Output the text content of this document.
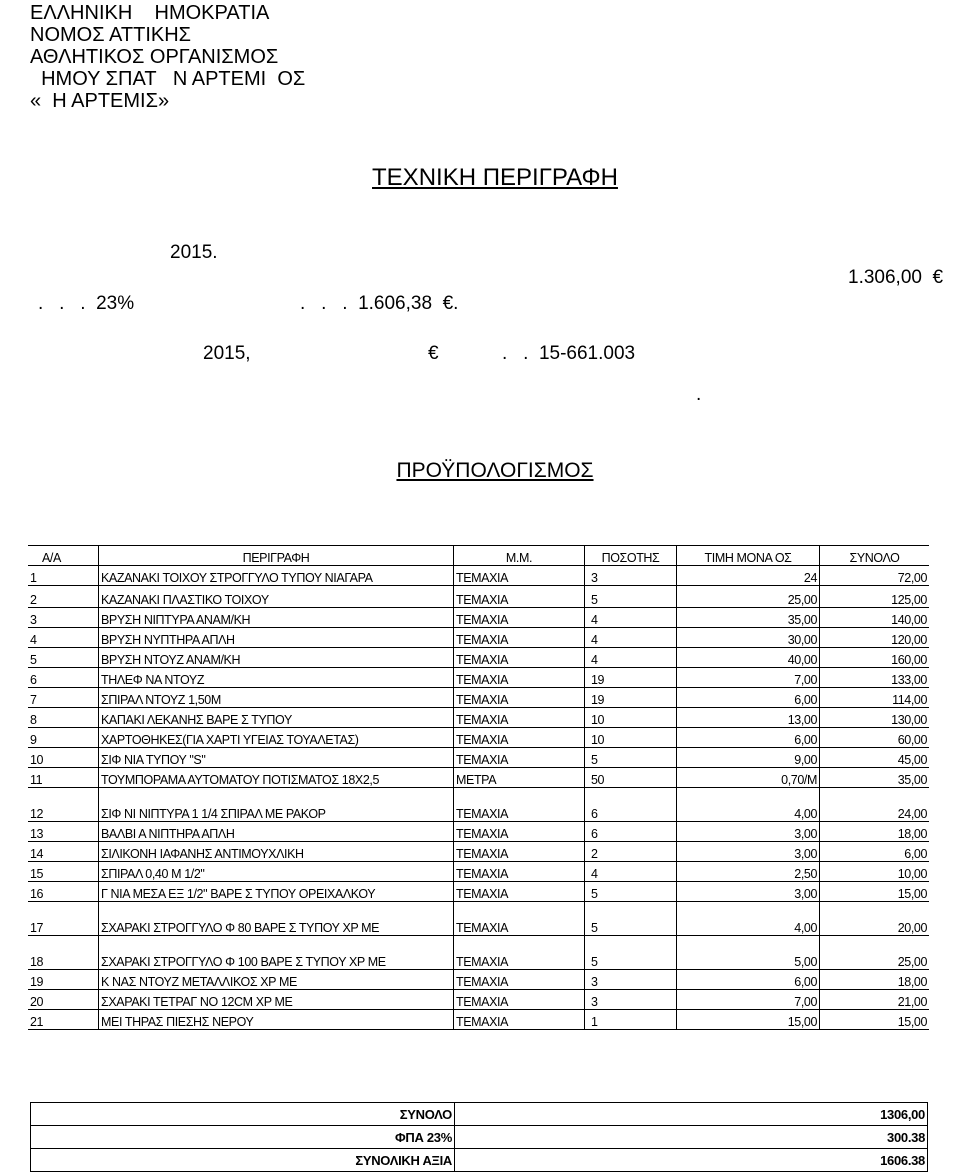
ΕΛΛΗΝΙΚΗ    ΗΜΟΚΡΑΤΙΑ
ΝΟΜΟΣ ΑΤΤΙΚΗΣ
ΑΘΛΗΤΙΚΟΣ ΟΡΓΑΝΙΣΜΟΣ
ΗΜΟΥ ΣΠΑΤ   Ν ΑΡΤΕΜΙ  ΟΣ
«  Η ΑΡΤΕΜΙΣ»
ΤΕΧΝΙΚΗ ΠΕΡΙΓΡΑΦΗ
2015.
.   .   .  23%	.   .   .  1.606,38  €.
1.306,00  €
2015,	€	.   .  15-661.003
.
ΠΡΟΫΠΟΛΟΓΙΣΜΟΣ
Α/Α	ΠΕΡΙΓΡΑΦΗ	Μ.Μ.	ΠΟΣΟΤΗΣ	ΤΙΜΗ ΜΟΝΑ ΟΣ	ΣΥΝΟΛΟ
1	ΚΑΖΑΝΑΚΙ ΤΟΙΧΟΥ ΣΤΡΟΓΓΥΛΟ ΤΥΠΟΥ ΝΙΑΓΑΡΑ	ΤΕΜΑΧΙΑ	3	24	72,00
2	ΚΑΖΑΝΑΚΙ ΠΛΑΣΤΙΚΟ ΤΟΙΧΟΥ	ΤΕΜΑΧΙΑ	5	25,00	125,00
3	ΒΡΥΣΗ ΝΙΠΤΥΡΑ ΑΝΑΜ/ΚΗ	ΤΕΜΑΧΙΑ	4	35,00	140,00
4	ΒΡΥΣΗ ΝΥΠΤΗΡΑ ΑΠΛΗ	ΤΕΜΑΧΙΑ	4	30,00	120,00
5	ΒΡΥΣΗ ΝΤΟΥΖ ΑΝΑΜ/ΚΗ	ΤΕΜΑΧΙΑ	4	40,00	160,00
6	ΤΗΛΕΦ ΝΑ ΝΤΟΥΖ	ΤΕΜΑΧΙΑ	19	7,00	133,00
7	ΣΠΙΡΑΛ ΝΤΟΥΖ 1,50Μ	ΤΕΜΑΧΙΑ	19	6,00	114,00
8	ΚΑΠΑΚΙ ΛΕΚΑΝΗΣ ΒΑΡΕ Σ ΤΥΠΟΥ	ΤΕΜΑΧΙΑ	10	13,00	130,00
9	ΧΑΡΤΟΘΗΚΕΣ(ΓΙΑ ΧΑΡΤΙ ΥΓΕΙΑΣ ΤΟΥΑΛΕΤΑΣ)	ΤΕΜΑΧΙΑ	10	6,00	60,00
10	ΣΙΦ ΝΙΑ ΤΥΠΟΥ "S"	ΤΕΜΑΧΙΑ	5	9,00	45,00
11	ΤΟΥΜΠΟΡΑΜΑ ΑΥΤΟΜΑΤΟΥ ΠΟΤΙΣΜΑΤΟΣ 18Χ2,5	ΜΕΤΡΑ	50	0,70/Μ	35,00
12	ΣΙΦ ΝΙ ΝΙΠΤΥΡΑ 1 1/4 ΣΠΙΡΑΛ ΜΕ ΡΑΚΟΡ	ΤΕΜΑΧΙΑ	6	4,00	24,00
13	ΒΑΛΒΙ Α ΝΙΠΤΗΡΑ ΑΠΛΗ	ΤΕΜΑΧΙΑ	6	3,00	18,00
14	ΣΙΛΙΚΟΝΗ ΙΑΦΑΝΗΣ ΑΝΤΙΜΟΥΧΛΙΚΗ	ΤΕΜΑΧΙΑ	2	3,00	6,00
15	ΣΠΙΡΑΛ 0,40 Μ 1/2"	ΤΕΜΑΧΙΑ	4	2,50	10,00
16	Γ ΝΙΑ ΜΕΣΑ ΕΞ 1/2" ΒΑΡΕ Σ ΤΥΠΟΥ ΟΡΕΙΧΑΛΚΟΥ	ΤΕΜΑΧΙΑ	5	3,00	15,00
17	ΣΧΑΡΑΚΙ ΣΤΡΟΓΓΥΛΟ Φ 80 ΒΑΡΕ Σ ΤΥΠΟΥ ΧΡ ΜΕ	ΤΕΜΑΧΙΑ	5	4,00	20,00
18	ΣΧΑΡΑΚΙ ΣΤΡΟΓΓΥΛΟ Φ 100 ΒΑΡΕ Σ ΤΥΠΟΥ ΧΡ ΜΕ	ΤΕΜΑΧΙΑ	5	5,00	25,00
19	Κ ΝΑΣ ΝΤΟΥΖ ΜΕΤΑΛΛΙΚΟΣ ΧΡ ΜΕ	ΤΕΜΑΧΙΑ	3	6,00	18,00
20	ΣΧΑΡΑΚΙ ΤΕΤΡΑΓ ΝΟ 12CM ΧΡ ΜΕ	ΤΕΜΑΧΙΑ	3	7,00	21,00
21	ΜΕΙ ΤΗΡΑΣ ΠΙΕΣΗΣ ΝΕΡΟΥ	ΤΕΜΑΧΙΑ	1	15,00	15,00
ΣΥΝΟΛΟ	1306,00
ΦΠΑ 23%	300.38
ΣΥΝΟΛΙΚΗ ΑΞΙΑ	1606.38
